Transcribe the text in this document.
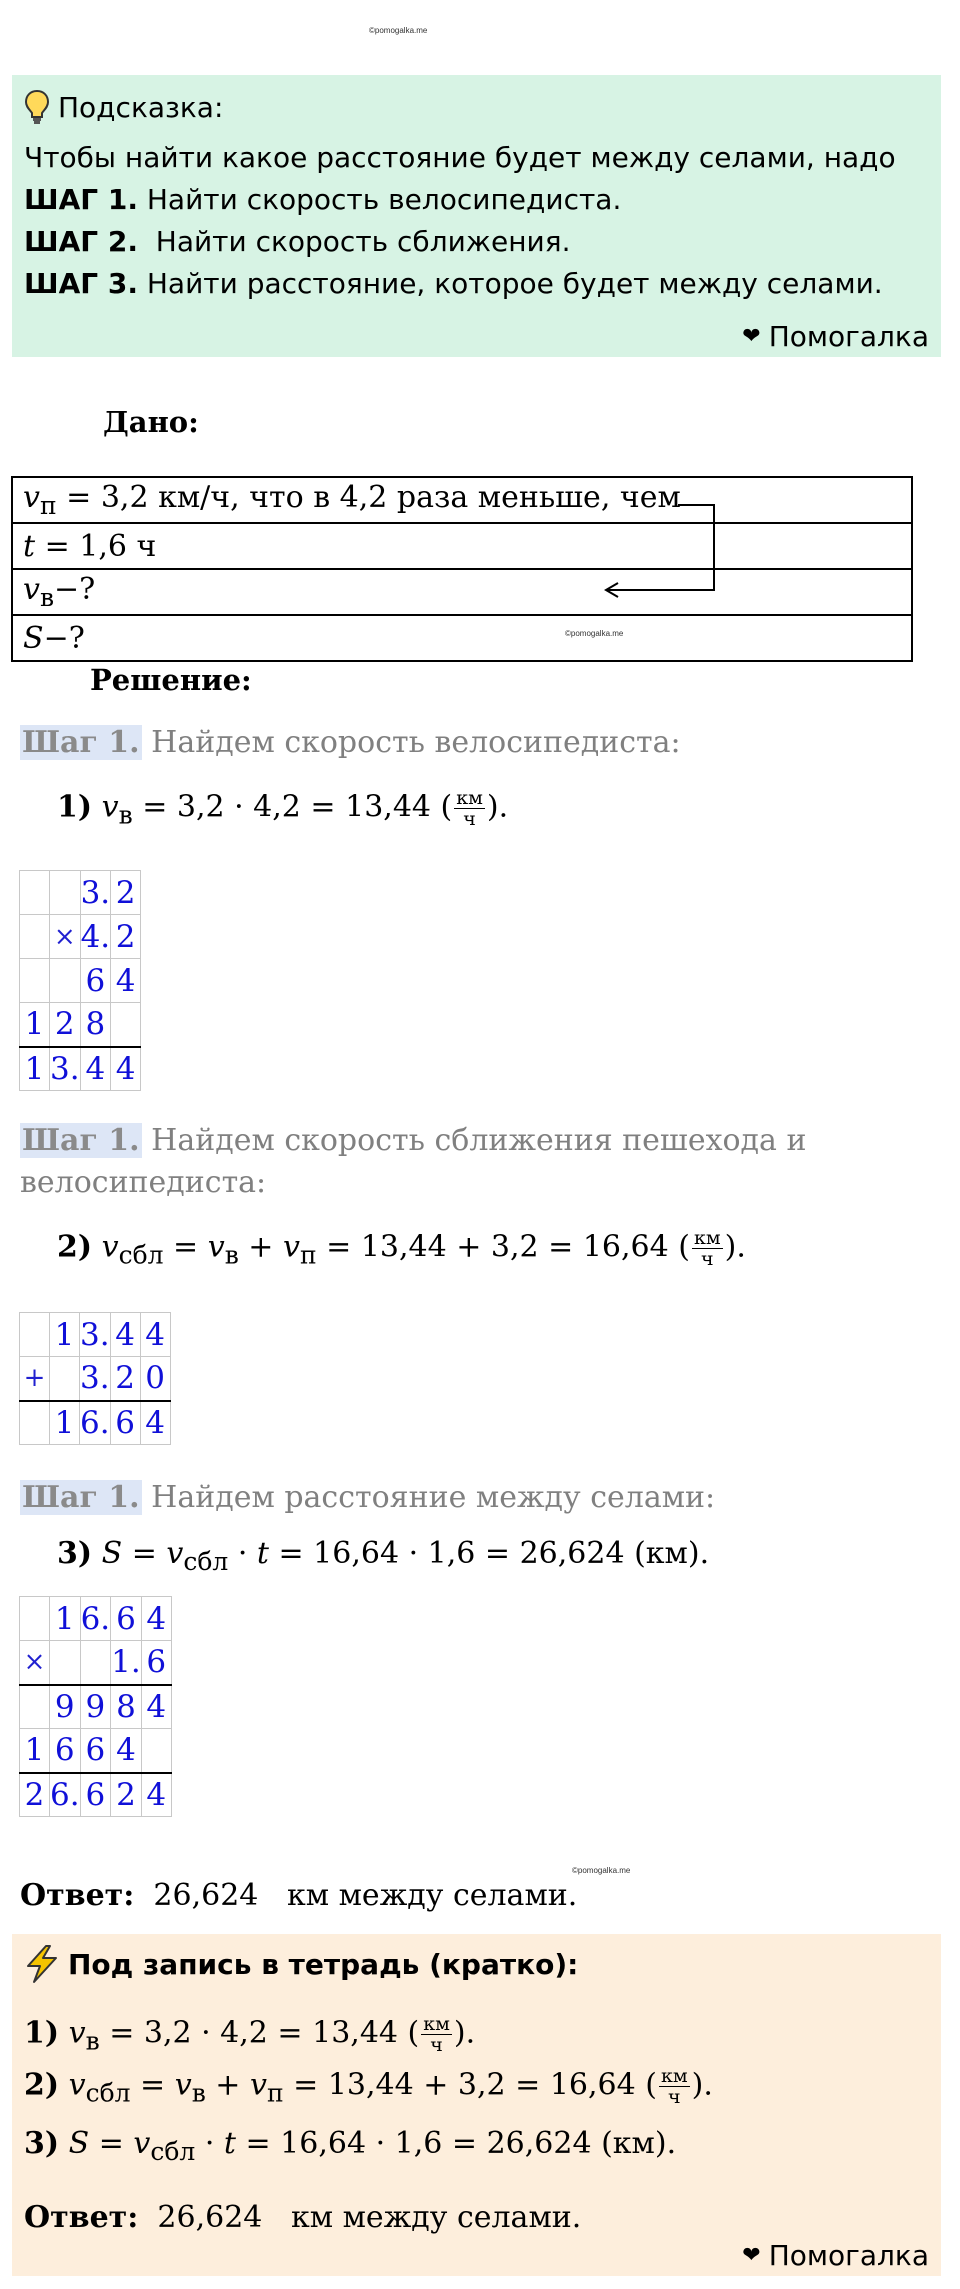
©pomogalka.me
©pomogalka.me
©pomogalka.me
Подсказка:
Чтобы найти какое расстояние будет между селами, надо
ШАГ 1. Найти скорость велосипедиста.
ШАГ 2.  Найти скорость сближения.
ШАГ 3. Найти расстояние, которое будет между селами.
❤ Помогалка
Дано:
$v_п = 3,2$ км/ч, что в 4,2 раза меньше, чем
t = 1,6 ч
$v_в-$?
S−?
Решение:
Шаг 1. Найдем скорость велосипедиста:
1) $v_в = 3,2 \cdot 4,2 = 13,44$ ( $\frac{км}{ч}$ ).
		3.	2
	×	4.	2
		6	4
1	2	8	
1	3.	4	4
Шаг 1. Найдем скорость сближения пешехода и
велосипедиста:
2) $v_{сбл} = v_в + v_п = 13,44 + 3,2 = 16,64$ ( $\frac{км}{ч}$ ).
	1	3.	4	4
+		3.	2	0
	1	6.	6	4
Шаг 1. Найдем расстояние между селами:
3) $S = v_{сбл} \cdot t = 16,64 \cdot 1,6 = 26,624$ (км).
	1	6.	6	4
×			1.	6
	9	9	8	4
1	6	6	4	
2	6.	6	2	4
Ответ:  26,624   км между селами.
Под запись в тетрадь (кратко):
1) $v_в = 3,2 \cdot 4,2 = 13,44$ ( $\frac{км}{ч}$ ).
2) $v_{сбл} = v_в + v_п = 13,44 + 3,2 = 16,64$ ( $\frac{км}{ч}$ ).
3) $S = v_{сбл} \cdot t = 16,64 \cdot 1,6 = 26,624$ (км).
Ответ:  26,624   км между селами.
❤ Помогалка
